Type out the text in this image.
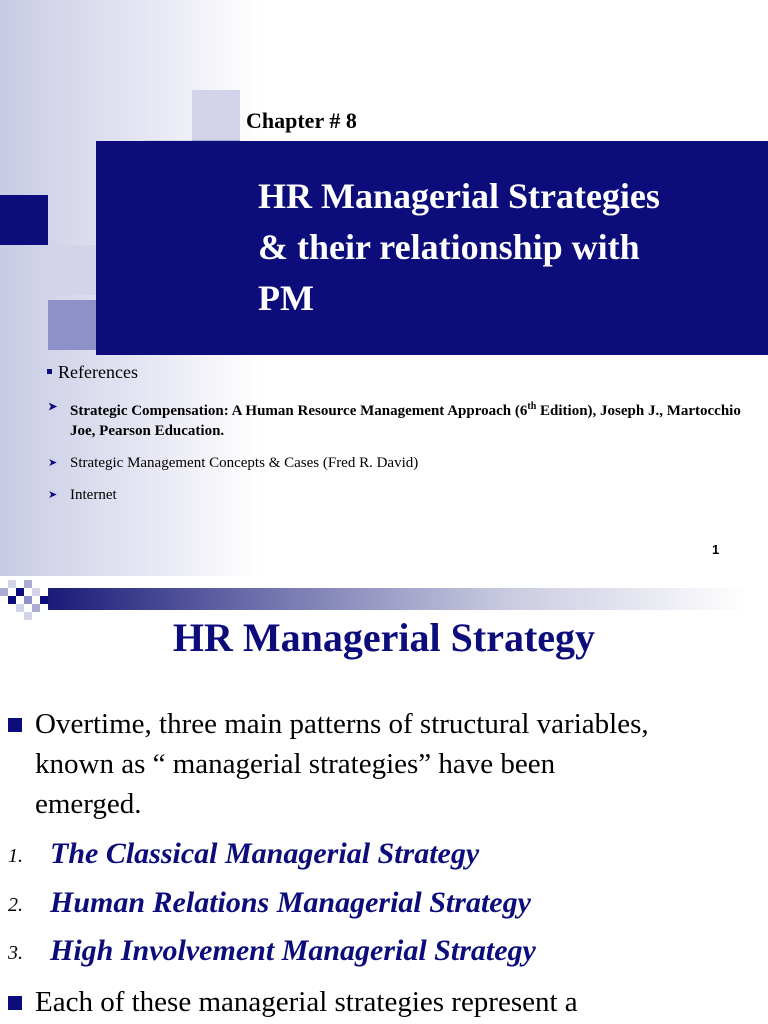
Chapter # 8
HR Managerial Strategies
& their relationship with
PM
References
➤ Strategic Compensation: A Human Resource Management Approach (6th Edition), Joseph J., Martocchio Joe, Pearson Education.
➤ Strategic Management Concepts & Cases (Fred R. David)
➤ Internet
1
HR Managerial Strategy
Overtime, three main patterns of structural variables,
known as “ managerial strategies” have been
emerged.
1. The Classical Managerial Strategy
2. Human Relations Managerial Strategy
3. High Involvement Managerial Strategy
Each of these managerial strategies represent a
